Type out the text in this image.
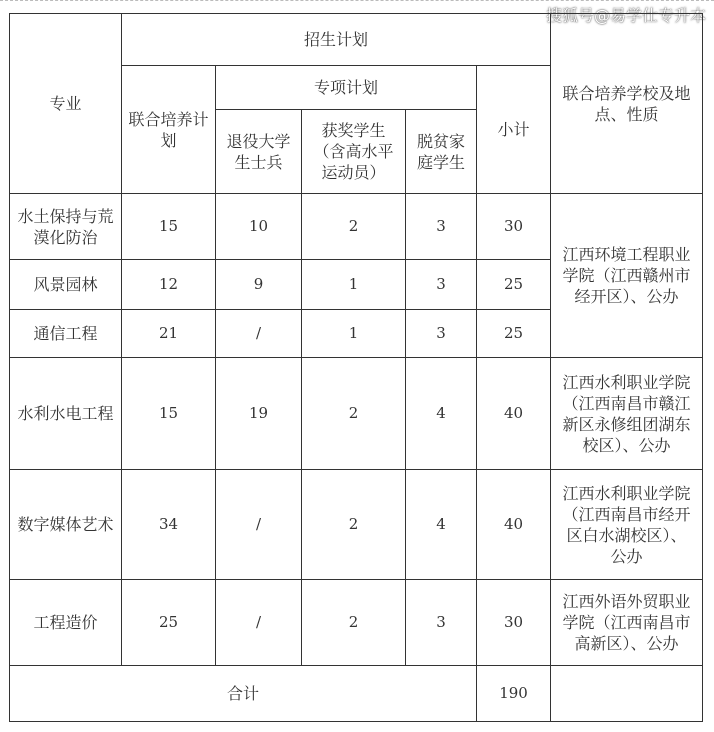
搜狐号@易学仕专升本
专业	招生计划					联合培养学校及地点、性质
	联合培养计划	专项计划			小计	
		退役大学生士兵	获奖学生（含高水平运动员）	脱贫家庭学生		
水土保持与荒漠化防治	15	10	2	3	30	江西环境工程职业学院（江西赣州市经开区）、公办
风景园林	12	9	1	3	25	
通信工程	21	/	1	3	25	
水利水电工程	15	19	2	4	40	江西水利职业学院（江西南昌市赣江新区永修组团湖东校区）、公办
数字媒体艺术	34	/	2	4	40	江西水利职业学院（江西南昌市经开区白水湖校区）、公办
工程造价	25	/	2	3	30	江西外语外贸职业学院（江西南昌市高新区）、公办
合计					190	
